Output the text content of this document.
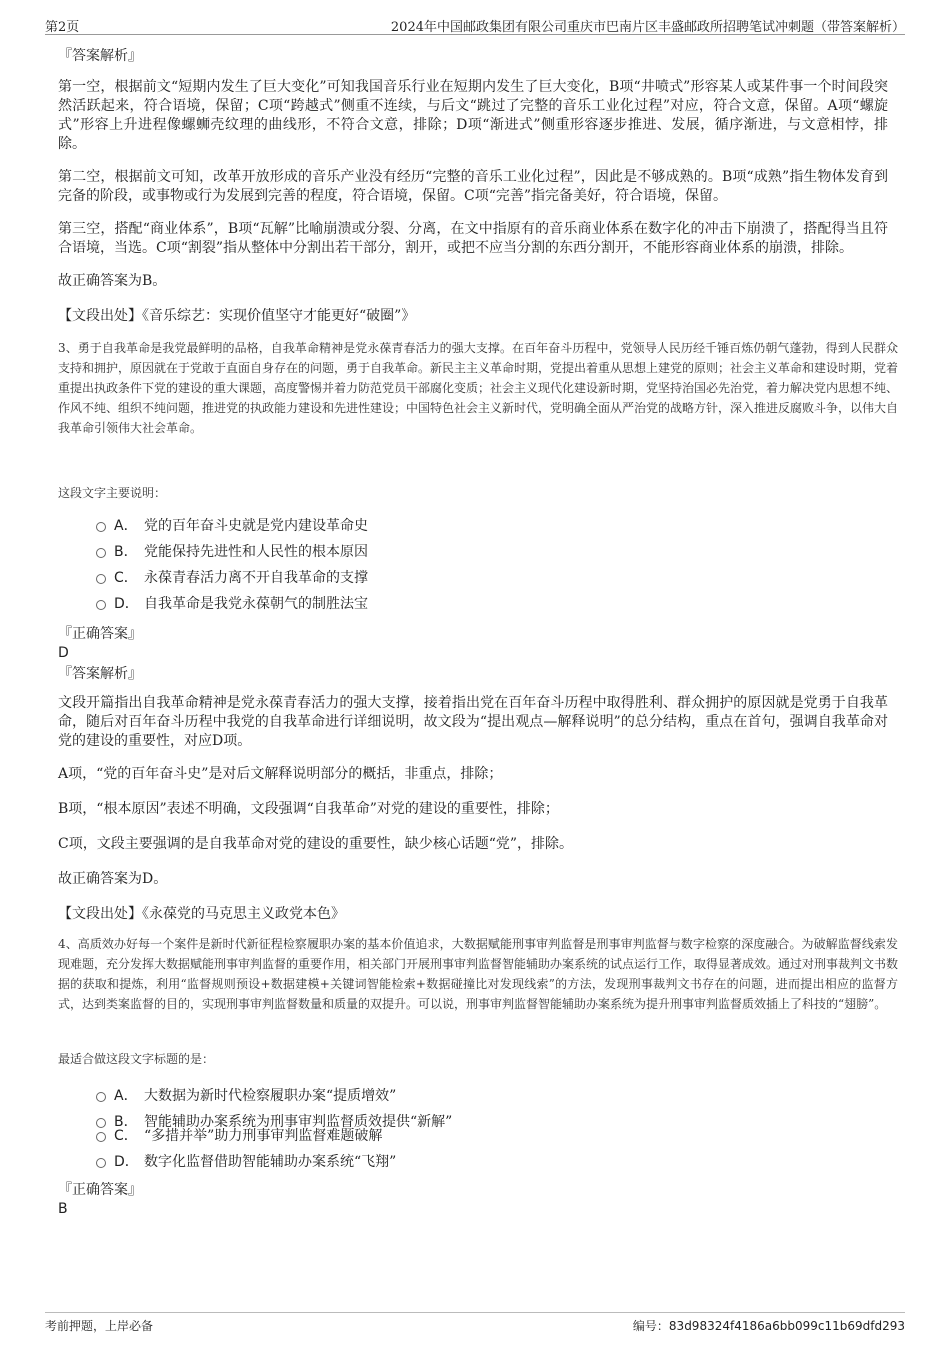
第2页	2024年中国邮政集团有限公司重庆市巴南片区丰盛邮政所招聘笔试冲刺题（带答案解析）

『答案解析』

第一空，根据前文“短期内发生了巨大变化”可知我国音乐行业在短期内发生了巨大变化，B项“井喷式”形容某人或某件事一个时间段突然活跃起来，符合语境，保留；C项“跨越式”侧重不连续，与后文“跳过了完整的音乐工业化过程”对应，符合文意，保留。A项“螺旋式”形容上升进程像螺蛳壳纹理的曲线形，不符合文意，排除；D项“渐进式”侧重形容逐步推进、发展，循序渐进，与文意相悖，排除。

第二空，根据前文可知，改革开放形成的音乐产业没有经历“完整的音乐工业化过程”，因此是不够成熟的。B项“成熟”指生物体发育到完备的阶段，或事物或行为发展到完善的程度，符合语境，保留。C项“完善”指完备美好，符合语境，保留。

第三空，搭配“商业体系”，B项“瓦解”比喻崩溃或分裂、分离，在文中指原有的音乐商业体系在数字化的冲击下崩溃了，搭配得当且符合语境，当选。C项“割裂”指从整体中分割出若干部分，割开，或把不应当分割的东西分割开，不能形容商业体系的崩溃，排除。

故正确答案为B。

【文段出处】《音乐综艺：实现价值坚守才能更好“破圈”》

3、勇于自我革命是我党最鲜明的品格，自我革命精神是党永葆青春活力的强大支撑。在百年奋斗历程中，党领导人民历经千锤百炼仍朝气蓬勃，得到人民群众支持和拥护，原因就在于党敢于直面自身存在的问题，勇于自我革命。新民主主义革命时期，党提出着重从思想上建党的原则；社会主义革命和建设时期，党着重提出执政条件下党的建设的重大课题，高度警惕并着力防范党员干部腐化变质；社会主义现代化建设新时期，党坚持治国必先治党，着力解决党内思想不纯、作风不纯、组织不纯问题，推进党的执政能力建设和先进性建设；中国特色社会主义新时代，党明确全面从严治党的战略方针，深入推进反腐败斗争，以伟大自我革命引领伟大社会革命。

这段文字主要说明：

A． 党的百年奋斗史就是党内建设革命史
B． 党能保持先进性和人民性的根本原因
C． 永葆青春活力离不开自我革命的支撑
D． 自我革命是我党永葆朝气的制胜法宝

『正确答案』

D

『答案解析』

文段开篇指出自我革命精神是党永葆青春活力的强大支撑，接着指出党在百年奋斗历程中取得胜利、群众拥护的原因就是党勇于自我革命，随后对百年奋斗历程中我党的自我革命进行详细说明，故文段为“提出观点—解释说明”的总分结构，重点在首句，强调自我革命对党的建设的重要性，对应D项。

A项，“党的百年奋斗史”是对后文解释说明部分的概括，非重点，排除；

B项，“根本原因”表述不明确，文段强调“自我革命”对党的建设的重要性，排除；

C项，文段主要强调的是自我革命对党的建设的重要性，缺少核心话题“党”，排除。

故正确答案为D。

【文段出处】《永葆党的马克思主义政党本色》

4、高质效办好每一个案件是新时代新征程检察履职办案的基本价值追求，大数据赋能刑事审判监督是刑事审判监督与数字检察的深度融合。为破解监督线索发现难题，充分发挥大数据赋能刑事审判监督的重要作用，相关部门开展刑事审判监督智能辅助办案系统的试点运行工作，取得显著成效。通过对刑事裁判文书数据的获取和提炼，利用“监督规则预设+数据建模+关键词智能检索+数据碰撞比对发现线索”的方法，发现刑事裁判文书存在的问题，进而提出相应的监督方式，达到类案监督的目的，实现刑事审判监督数量和质量的双提升。可以说，刑事审判监督智能辅助办案系统为提升刑事审判监督质效插上了科技的“翅膀”。

最适合做这段文字标题的是：

A． 大数据为新时代检察履职办案“提质增效”
B． 智能辅助办案系统为刑事审判监督质效提供“新解”
C． “多措并举”助力刑事审判监督难题破解
D． 数字化监督借助智能辅助办案系统“飞翔”

『正确答案』

B

考前押题，上岸必备	编号：83d98324f4186a6bb099c11b69dfd293
